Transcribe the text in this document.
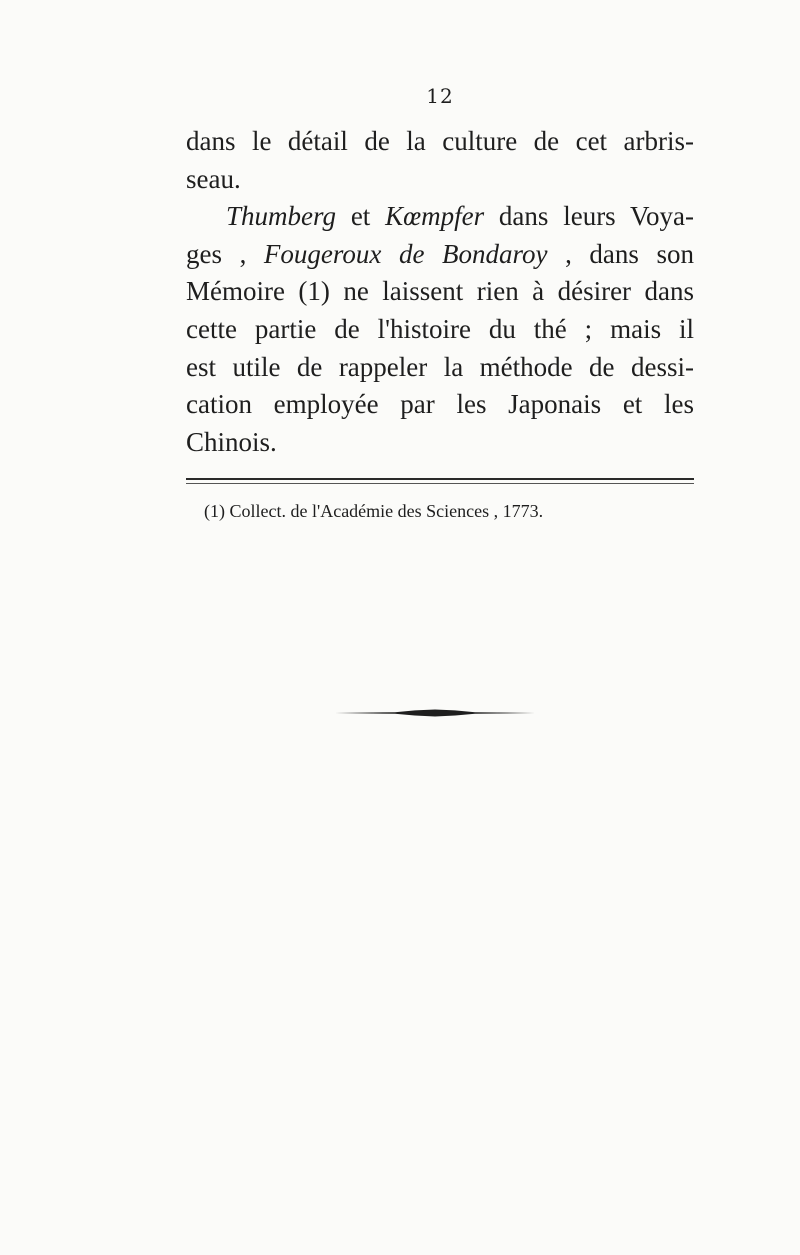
12
dans le détail de la culture de cet arbris-
seau.
Thumberg et Kœmpfer dans leurs Voya-
ges , Fougeroux de Bondaroy , dans son
Mémoire (1) ne laissent rien à désirer dans
cette partie de l'histoire du thé ; mais il
est utile de rappeler la méthode de dessi-
cation employée par les Japonais et les
Chinois.
(1) Collect. de l'Académie des Sciences , 1773.
